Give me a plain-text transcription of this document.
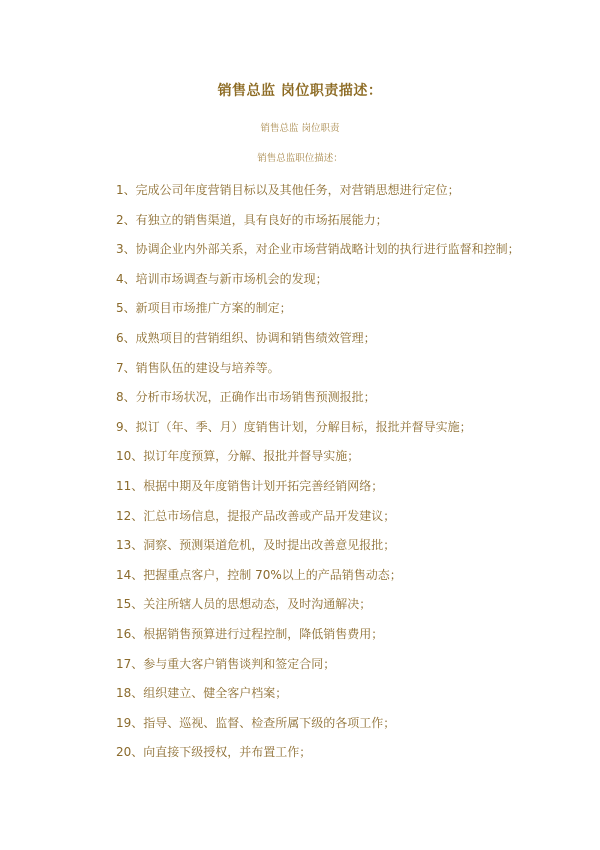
销售总监 岗位职责描述：
销售总监 岗位职责
销售总监职位描述：
1、完成公司年度营销目标以及其他任务，对营销思想进行定位；
2、有独立的销售渠道，具有良好的市场拓展能力；
3、协调企业内外部关系，对企业市场营销战略计划的执行进行监督和控制；
4、培训市场调查与新市场机会的发现；
5、新项目市场推广方案的制定；
6、成熟项目的营销组织、协调和销售绩效管理；
7、销售队伍的建设与培养等。
8、分析市场状况，正确作出市场销售预测报批；
9、拟订（年、季、月）度销售计划，分解目标，报批并督导实施；
10、拟订年度预算，分解、报批并督导实施；
11、根据中期及年度销售计划开拓完善经销网络；
12、汇总市场信息，提报产品改善或产品开发建议；
13、洞察、预测渠道危机，及时提出改善意见报批；
14、把握重点客户，控制 70%以上的产品销售动态；
15、关注所辖人员的思想动态，及时沟通解决；
16、根据销售预算进行过程控制，降低销售费用；
17、参与重大客户销售谈判和签定合同；
18、组织建立、健全客户档案；
19、指导、巡视、监督、检查所属下级的各项工作；
20、向直接下级授权，并布置工作；
